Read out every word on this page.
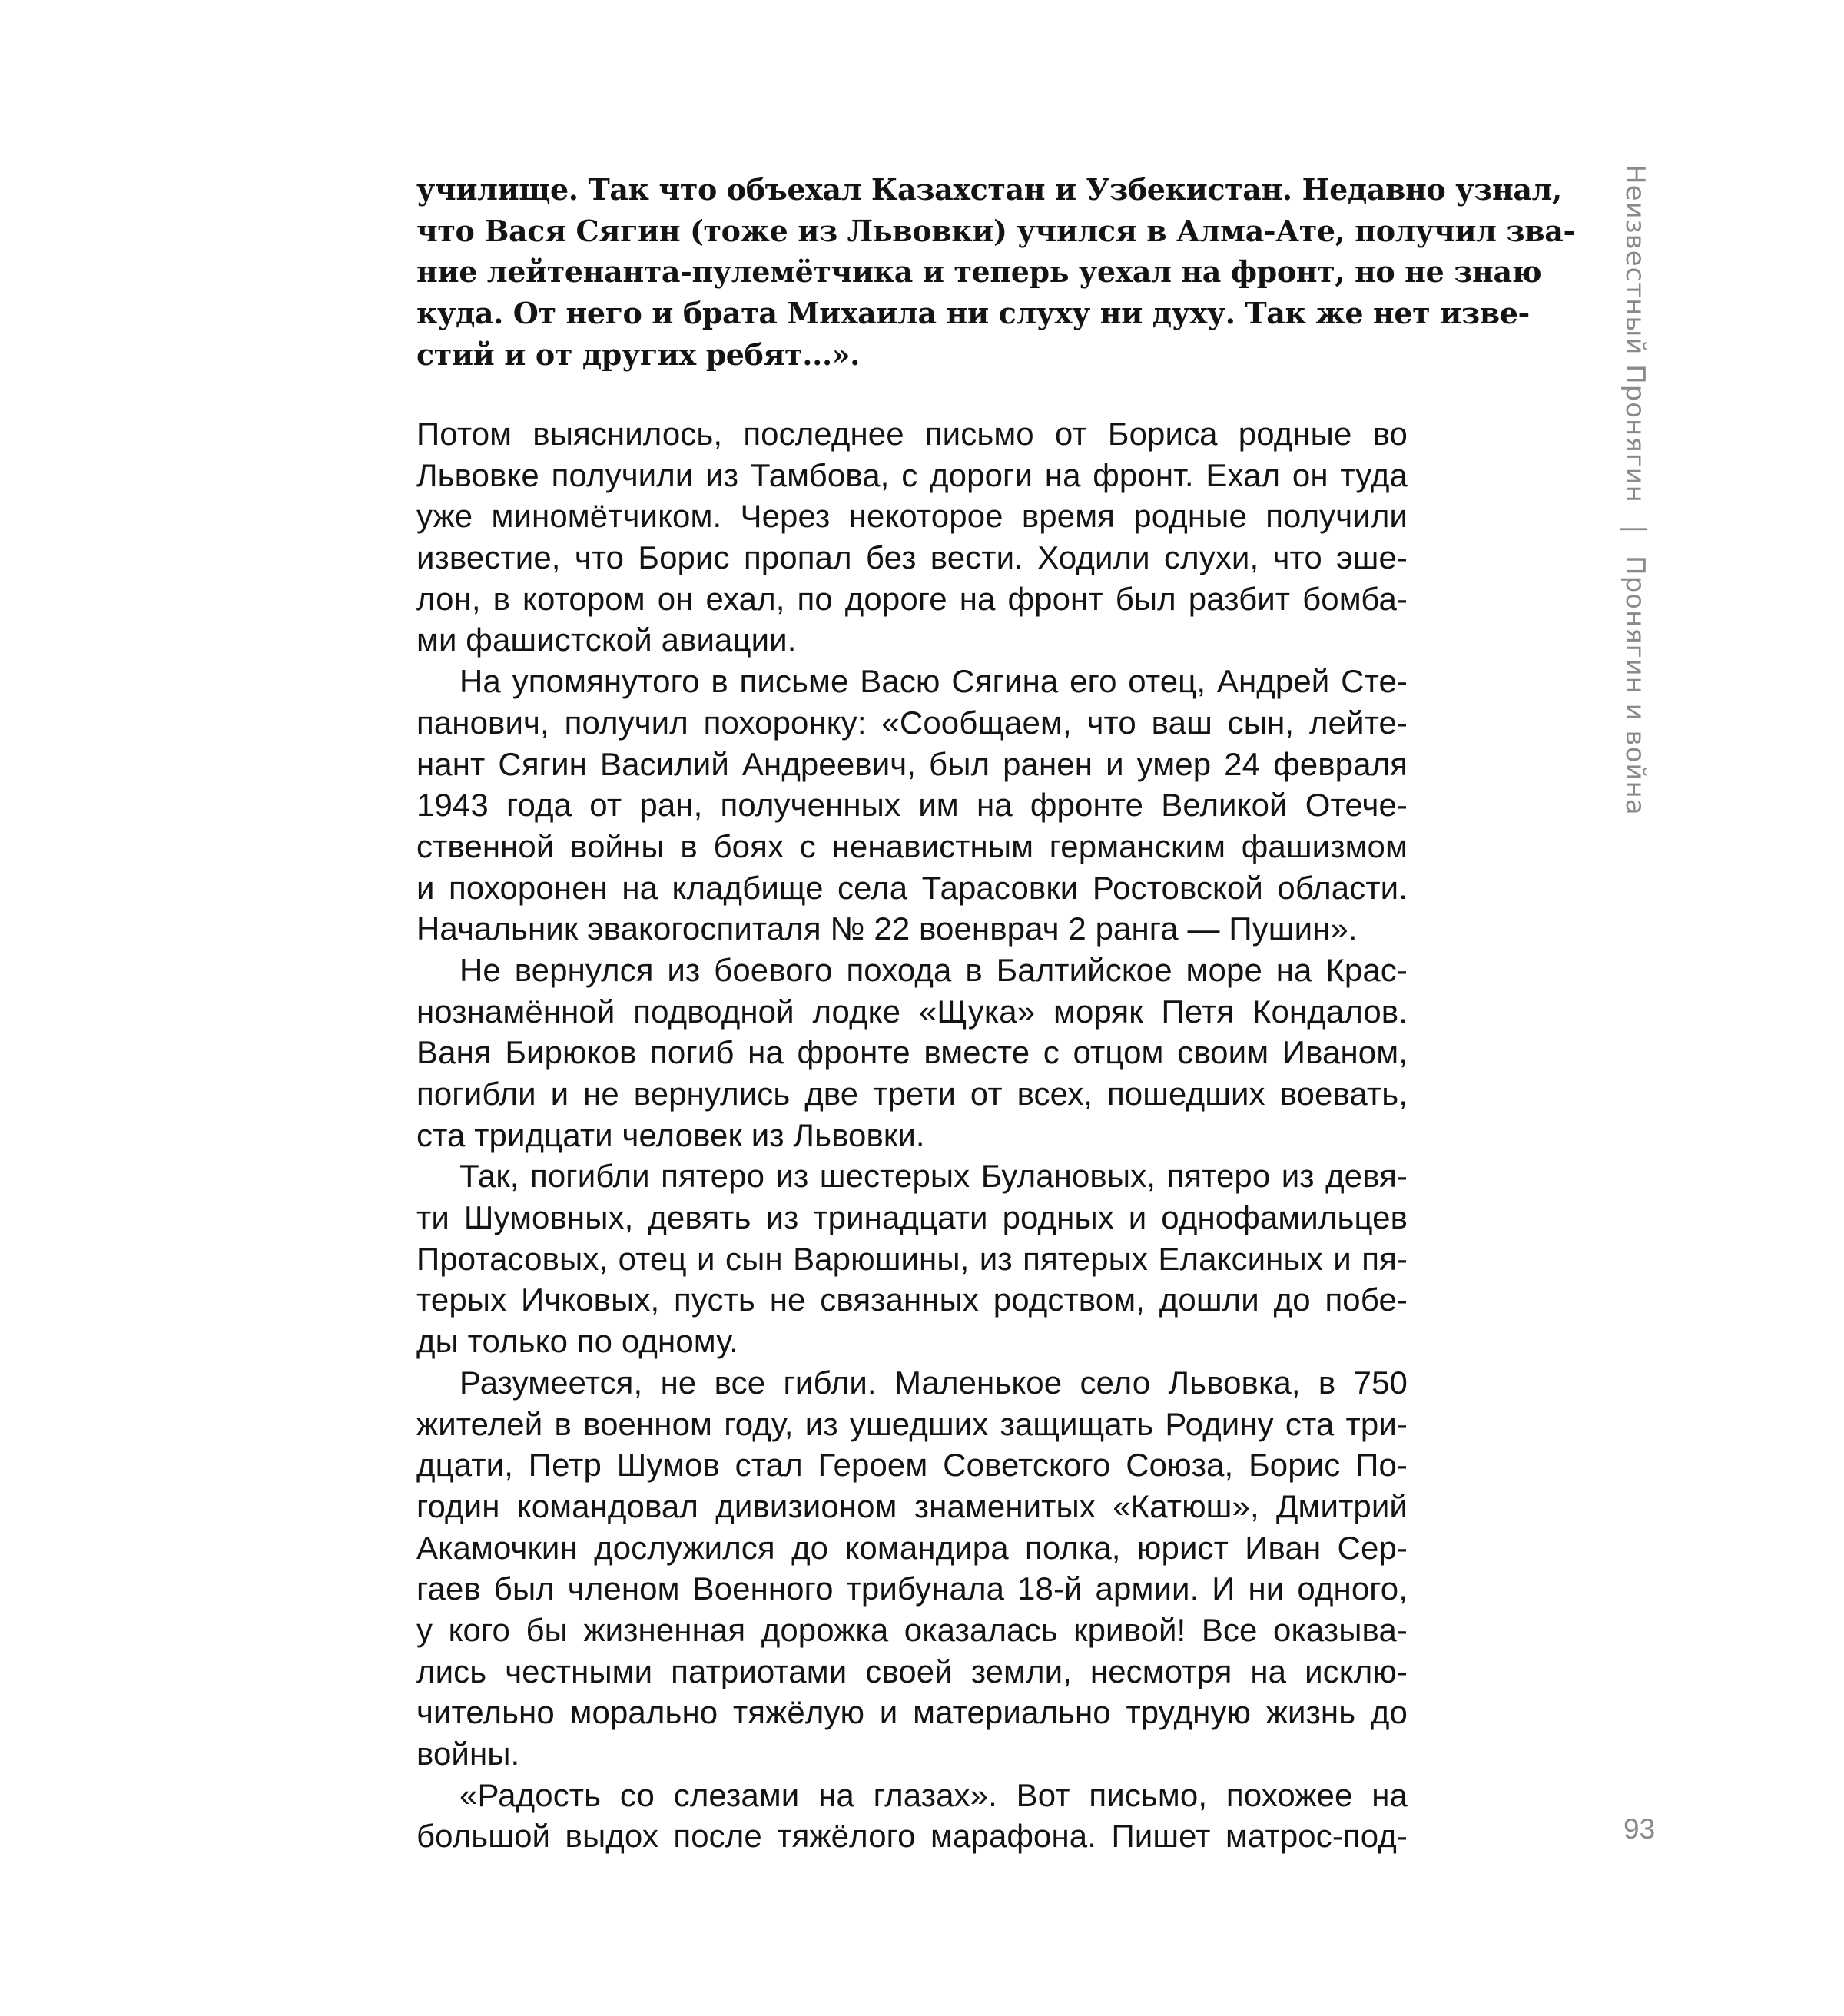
училище. Так что объехал Казахстан и Узбекистан. Недавно узнал,
что Вася Сягин (тоже из Львовки) учился в Алма-Ате, получил зва-
ние лейтенанта-пулемётчика и теперь уехал на фронт, но не знаю
куда. От него и брата Михаила ни слуху ни духу. Так же нет изве-
стий и от других ребят...».
Потом выяснилось, последнее письмо от Бориса родные во
Львовке получили из Тамбова, с дороги на фронт. Ехал он туда
уже миномётчиком. Через некоторое время родные получили
известие, что Борис пропал без вести. Ходили слухи, что эше-
лон, в котором он ехал, по дороге на фронт был разбит бомба-
ми фашистской авиации.
На упомянутого в письме Васю Сягина его отец, Андрей Сте-
панович, получил похоронку: «Сообщаем, что ваш сын, лейте-
нант Сягин Василий Андреевич, был ранен и умер 24 февраля
1943 года от ран, полученных им на фронте Великой Отече-
ственной войны в боях с ненавистным германским фашизмом
и похоронен на кладбище села Тарасовки Ростовской области.
Начальник эвакогоспиталя № 22 военврач 2 ранга — Пушин».
Не вернулся из боевого похода в Балтийское море на Крас-
нознамённой подводной лодке «Щука» моряк Петя Кондалов.
Ваня Бирюков погиб на фронте вместе с отцом своим Иваном,
погибли и не вернулись две трети от всех, пошедших воевать,
ста тридцати человек из Львовки.
Так, погибли пятеро из шестерых Булановых, пятеро из девя-
ти Шумовных, девять из тринадцати родных и однофамильцев
Протасовых, отец и сын Варюшины, из пятерых Елаксиных и пя-
терых Ичковых, пусть не связанных родством, дошли до побе-
ды только по одному.
Разумеется, не все гибли. Маленькое село Львовка, в 750
жителей в военном году, из ушедших защищать Родину ста три-
дцати, Петр Шумов стал Героем Советского Союза, Борис По-
годин командовал дивизионом знаменитых «Катюш», Дмитрий
Акамочкин дослужился до командира полка, юрист Иван Сер-
гаев был членом Военного трибунала 18-й армии. И ни одного,
у кого бы жизненная дорожка оказалась кривой! Все оказыва-
лись честными патриотами своей земли, несмотря на исклю-
чительно морально тяжёлую и материально трудную жизнь до
войны.
«Радость со слезами на глазах». Вот письмо, похожее на
большой выдох после тяжёлого марафона. Пишет матрос-под-
Неизвестный Пронягин | Пронягин и война
93
